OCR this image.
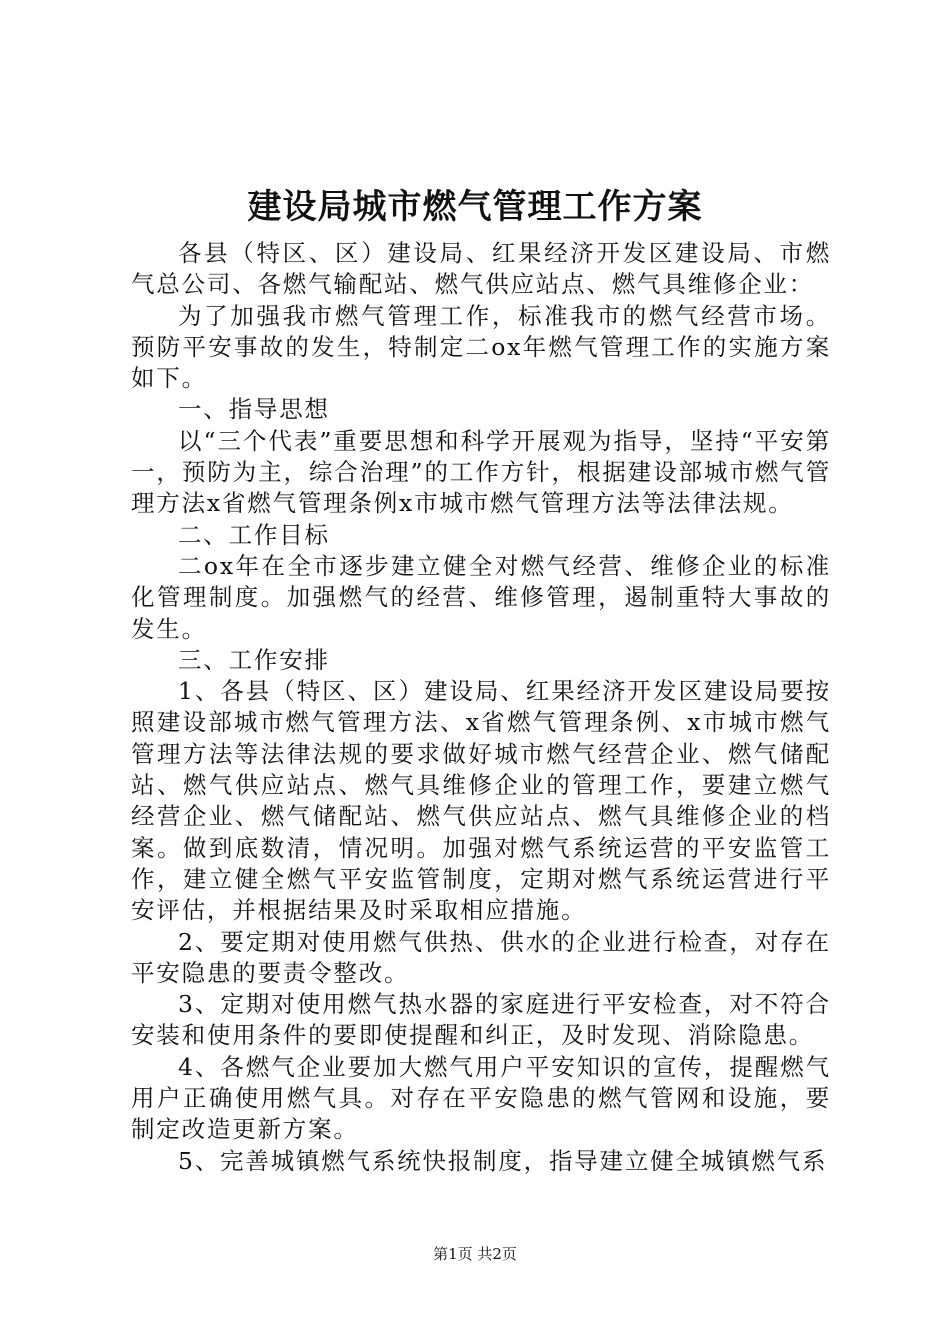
建设局城市燃气管理工作方案

各县（特区、区）建设局、红果经济开发区建设局、市燃气总公司、各燃气输配站、燃气供应站点、燃气具维修企业：

为了加强我市燃气管理工作，标准我市的燃气经营市场。预防平安事故的发生，特制定二ox年燃气管理工作的实施方案如下。

一、指导思想

以“三个代表”重要思想和科学开展观为指导，坚持“平安第一，预防为主，综合治理”的工作方针，根据建设部城市燃气管理方法x省燃气管理条例x市城市燃气管理方法等法律法规。

二、工作目标

二ox年在全市逐步建立健全对燃气经营、维修企业的标准化管理制度。加强燃气的经营、维修管理，遏制重特大事故的发生。

三、工作安排

1、各县（特区、区）建设局、红果经济开发区建设局要按照建设部城市燃气管理方法、x省燃气管理条例、x市城市燃气管理方法等法律法规的要求做好城市燃气经营企业、燃气储配站、燃气供应站点、燃气具维修企业的管理工作，要建立燃气经营企业、燃气储配站、燃气供应站点、燃气具维修企业的档案。做到底数清，情况明。加强对燃气系统运营的平安监管工作，建立健全燃气平安监管制度，定期对燃气系统运营进行平安评估，并根据结果及时采取相应措施。

2、要定期对使用燃气供热、供水的企业进行检查，对存在平安隐患的要责令整改。

3、定期对使用燃气热水器的家庭进行平安检查，对不符合安装和使用条件的要即使提醒和纠正，及时发现、消除隐患。

4、各燃气企业要加大燃气用户平安知识的宣传，提醒燃气用户正确使用燃气具。对存在平安隐患的燃气管网和设施，要制定改造更新方案。

5、完善城镇燃气系统快报制度，指导建立健全城镇燃气系

第1页 共2页
